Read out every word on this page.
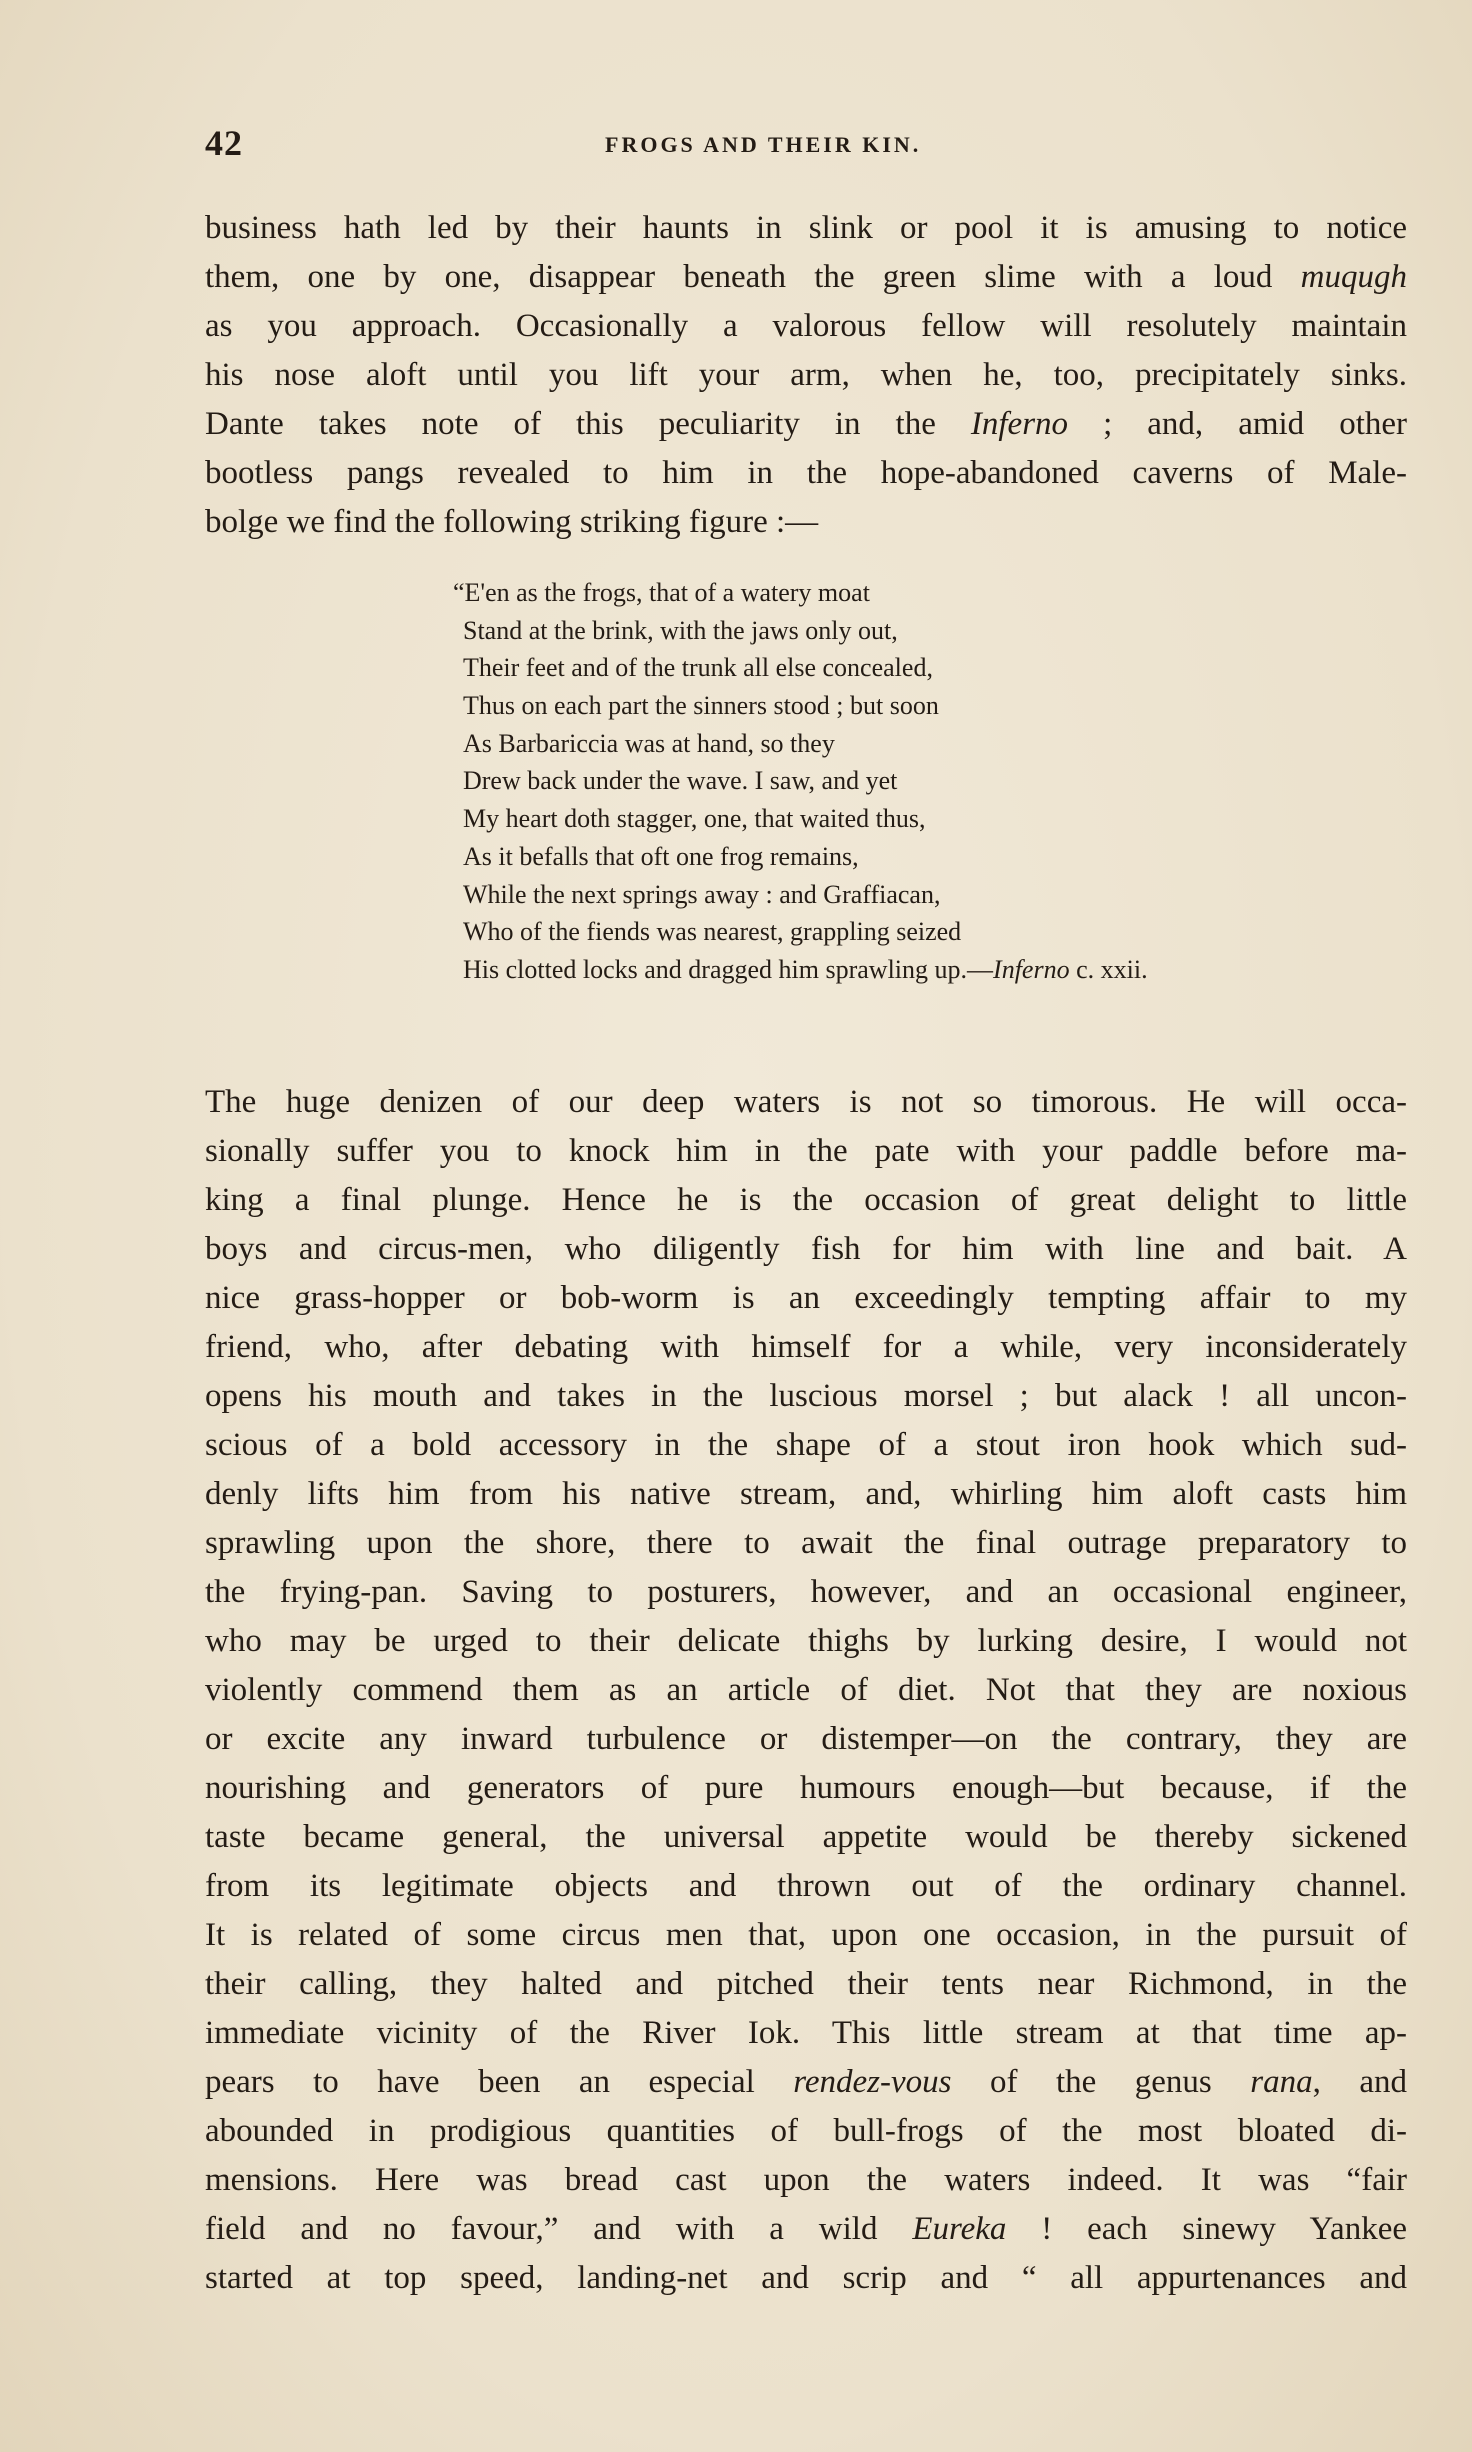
42	FROGS AND THEIR KIN.
business hath led by their haunts in slink or pool it is amusing to notice
them, one by one, disappear beneath the green slime with a loud muqugh
as you approach. Occasionally a valorous fellow will resolutely maintain
his nose aloft until you lift your arm, when he, too, precipitately sinks.
Dante takes note of this peculiarity in the Inferno ; and, amid other
bootless pangs revealed to him in the hope-abandoned caverns of Male-
bolge we find the following striking figure :—
“E'en as the frogs, that of a watery moat
Stand at the brink, with the jaws only out,
Their feet and of the trunk all else concealed,
Thus on each part the sinners stood ; but soon
As Barbariccia was at hand, so they
Drew back under the wave. I saw, and yet
My heart doth stagger, one, that waited thus,
As it befalls that oft one frog remains,
While the next springs away : and Graffiacan,
Who of the fiends was nearest, grappling seized
His clotted locks and dragged him sprawling up.—Inferno c. xxii.
The huge denizen of our deep waters is not so timorous. He will occa-
sionally suffer you to knock him in the pate with your paddle before ma-
king a final plunge. Hence he is the occasion of great delight to little
boys and circus-men, who diligently fish for him with line and bait. A
nice grass-hopper or bob-worm is an exceedingly tempting affair to my
friend, who, after debating with himself for a while, very inconsiderately
opens his mouth and takes in the luscious morsel ; but alack ! all uncon-
scious of a bold accessory in the shape of a stout iron hook which sud-
denly lifts him from his native stream, and, whirling him aloft casts him
sprawling upon the shore, there to await the final outrage preparatory to
the frying-pan. Saving to posturers, however, and an occasional engineer,
who may be urged to their delicate thighs by lurking desire, I would not
violently commend them as an article of diet. Not that they are noxious
or excite any inward turbulence or distemper—on the contrary, they are
nourishing and generators of pure humours enough—but because, if the
taste became general, the universal appetite would be thereby sickened
from its legitimate objects and thrown out of the ordinary channel.
It is related of some circus men that, upon one occasion, in the pursuit of
their calling, they halted and pitched their tents near Richmond, in the
immediate vicinity of the River Iok. This little stream at that time ap-
pears to have been an especial rendez-vous of the genus rana, and
abounded in prodigious quantities of bull-frogs of the most bloated di-
mensions. Here was bread cast upon the waters indeed. It was “fair
field and no favour,” and with a wild Eureka ! each sinewy Yankee
started at top speed, landing-net and scrip and “ all appurtenances and
